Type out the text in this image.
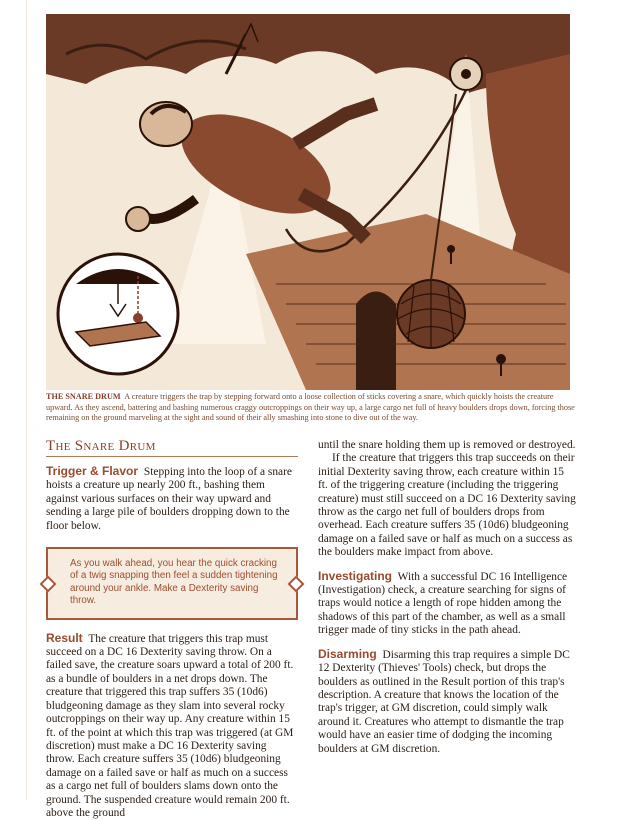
THE SNARE DRUM A creature triggers the trap by stepping forward onto a loose collection of sticks covering a snare, which quickly hoists the creature upward. As they ascend, battering and bashing numerous craggy outcroppings on their way up, a large cargo net full of heavy boulders drops down, forcing those remaining on the ground marveling at the sight and sound of their ally smashing into stone to dive out of the way.
The Snare Drum

Trigger & Flavor Stepping into the loop of a snare hoists a creature up nearly 200 ft., bashing them against various surfaces on their way upward and sending a large pile of boulders dropping down to the floor below.

As you walk ahead, you hear the quick cracking of a twig snapping then feel a sudden tightening around your ankle. Make a Dexterity saving throw.

Result The creature that triggers this trap must succeed on a DC 16 Dexterity saving throw. On a failed save, the creature soars upward a total of 200 ft. as a bundle of boulders in a net drops down. The creature that triggered this trap suffers 35 (10d6) bludgeoning damage as they slam into several rocky outcroppings on their way up. Any creature within 15 ft. of the point at which this trap was triggered (at GM discretion) must make a DC 16 Dexterity saving throw. Each creature suffers 35 (10d6) bludgeoning damage on a failed save or half as much on a success as a cargo net full of boulders slams down onto the ground. The suspended creature would remain 200 ft. above the ground

until the snare holding them up is removed or destroyed.

If the creature that triggers this trap succeeds on their initial Dexterity saving throw, each creature within 15 ft. of the triggering creature (including the triggering creature) must still succeed on a DC 16 Dexterity saving throw as the cargo net full of boulders drops from overhead. Each creature suffers 35 (10d6) bludgeoning damage on a failed save or half as much on a success as the boulders make impact from above.

Investigating With a successful DC 16 Intelligence (Investigation) check, a creature searching for signs of traps would notice a length of rope hidden among the shadows of this part of the chamber, as well as a small trigger made of tiny sticks in the path ahead.

Disarming Disarming this trap requires a simple DC 12 Dexterity (Thieves' Tools) check, but drops the boulders as outlined in the Result portion of this trap's description. A creature that knows the location of the trap's trigger, at GM discretion, could simply walk around it. Creatures who attempt to dismantle the trap would have an easier time of dodging the incoming boulders at GM discretion.
